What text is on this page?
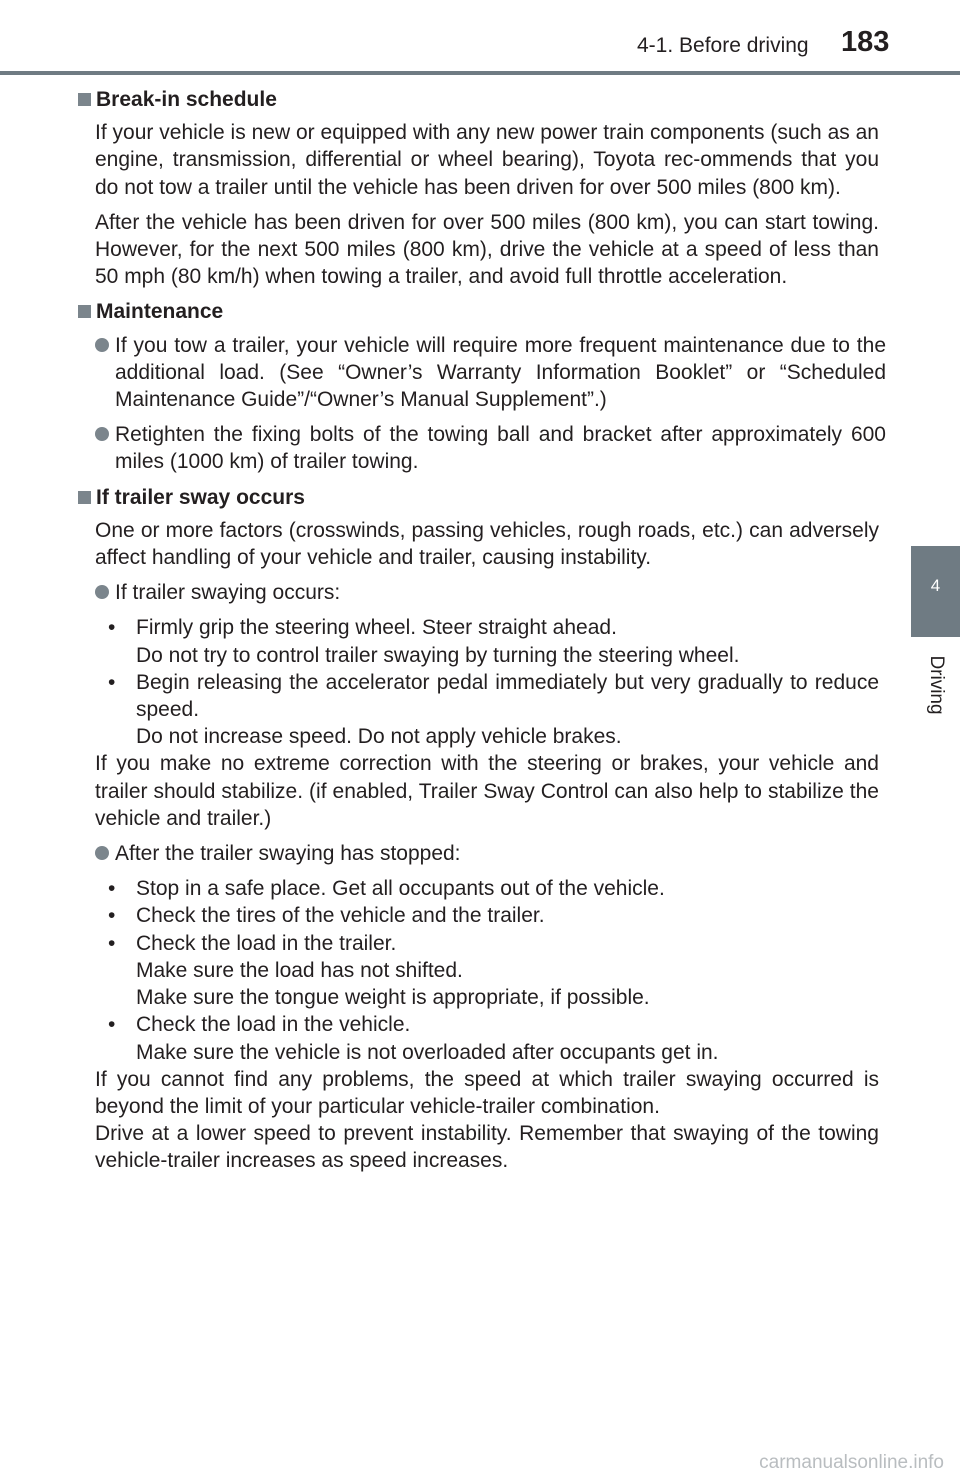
4-1. Before driving 183
4
Driving
Break-in schedule

If your vehicle is new or equipped with any new power train components (such as an engine, transmission, differential or wheel bearing), Toyota rec-ommends that you do not tow a trailer until the vehicle has been driven for over 500 miles (800 km).

After the vehicle has been driven for over 500 miles (800 km), you can start towing. However, for the next 500 miles (800 km), drive the vehicle at a speed of less than 50 mph (80 km/h) when towing a trailer, and avoid full throttle acceleration.

Maintenance
If you tow a trailer, your vehicle will require more frequent maintenance due to the additional load. (See “Owner’s Warranty Information Booklet” or “Scheduled Maintenance Guide”/“Owner’s Manual Supplement”.)
Retighten the fixing bolts of the towing ball and bracket after approximately 600 miles (1000 km) of trailer towing.
If trailer sway occurs

One or more factors (crosswinds, passing vehicles, rough roads, etc.) can adversely affect handling of your vehicle and trailer, causing instability.

If trailer swaying occurs:
• Firmly grip the steering wheel. Steer straight ahead.
Do not try to control trailer swaying by turning the steering wheel.
• Begin releasing the accelerator pedal immediately but very gradually to reduce speed.
Do not increase speed. Do not apply vehicle brakes.

If you make no extreme correction with the steering or brakes, your vehicle and trailer should stabilize. (if enabled, Trailer Sway Control can also help to stabilize the vehicle and trailer.)

After the trailer swaying has stopped:
• Stop in a safe place. Get all occupants out of the vehicle.
• Check the tires of the vehicle and the trailer.
• Check the load in the trailer.
Make sure the load has not shifted.
Make sure the tongue weight is appropriate, if possible.
• Check the load in the vehicle.
Make sure the vehicle is not overloaded after occupants get in.

If you cannot find any problems, the speed at which trailer swaying occurred is beyond the limit of your particular vehicle-trailer combination.

Drive at a lower speed to prevent instability. Remember that swaying of the towing vehicle-trailer increases as speed increases.

carmanualsonline.info
